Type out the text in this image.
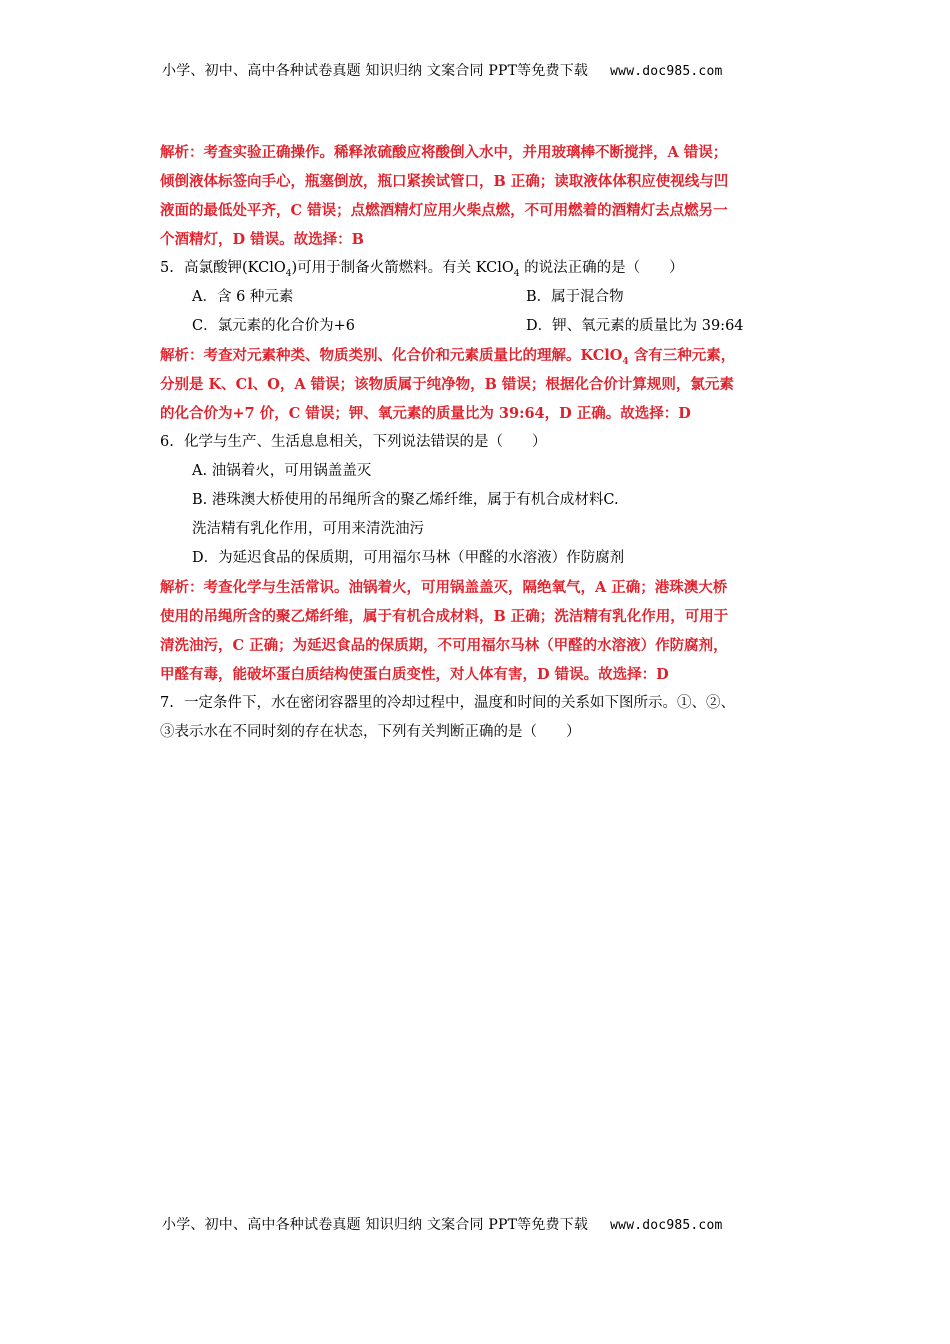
小学、初中、高中各种试卷真题 知识归纳 文案合同 PPT等免费下载 www.doc985.com
解析：考查实验正确操作。稀释浓硫酸应将酸倒入水中，并用玻璃棒不断搅拌，A 错误；
倾倒液体标签向手心，瓶塞倒放，瓶口紧挨试管口，B 正确；读取液体体积应使视线与凹
液面的最低处平齐，C 错误；点燃酒精灯应用火柴点燃，不可用燃着的酒精灯去点燃另一
个酒精灯，D 错误。故选择：B
5. 高氯酸钾(KClO$_4$)可用于制备火箭燃料。有关 KClO$_4$ 的说法正确的是（　　）
A．含 6 种元素	B．属于混合物
C．氯元素的化合价为+6	D．钾、氧元素的质量比为 39:64
解析：考查对元素种类、物质类别、化合价和元素质量比的理解。KClO$_4$ 含有三种元素，
分别是 K、Cl、O，A 错误；该物质属于纯净物，B 错误；根据化合价计算规则，氯元素
的化合价为+7 价，C 错误；钾、氧元素的质量比为 39:64，D 正确。故选择：D
6. 化学与生产、生活息息相关，下列说法错误的是（　　）
A. 油锅着火，可用锅盖盖灭
B. 港珠澳大桥使用的吊绳所含的聚乙烯纤维，属于有机合成材料C.
洗洁精有乳化作用，可用来清洗油污
D．为延迟食品的保质期，可用福尔马林（甲醛的水溶液）作防腐剂
解析：考查化学与生活常识。油锅着火，可用锅盖盖灭，隔绝氧气，A 正确；港珠澳大桥
使用的吊绳所含的聚乙烯纤维，属于有机合成材料，B 正确；洗洁精有乳化作用，可用于
清洗油污，C 正确；为延迟食品的保质期，不可用福尔马林（甲醛的水溶液）作防腐剂，
甲醛有毒，能破坏蛋白质结构使蛋白质变性，对人体有害，D 错误。故选择：D
7. 一定条件下，水在密闭容器里的冷却过程中，温度和时间的关系如下图所示。①、②、
③表示水在不同时刻的存在状态，下列有关判断正确的是（　　）
小学、初中、高中各种试卷真题 知识归纳 文案合同 PPT等免费下载 www.doc985.com
